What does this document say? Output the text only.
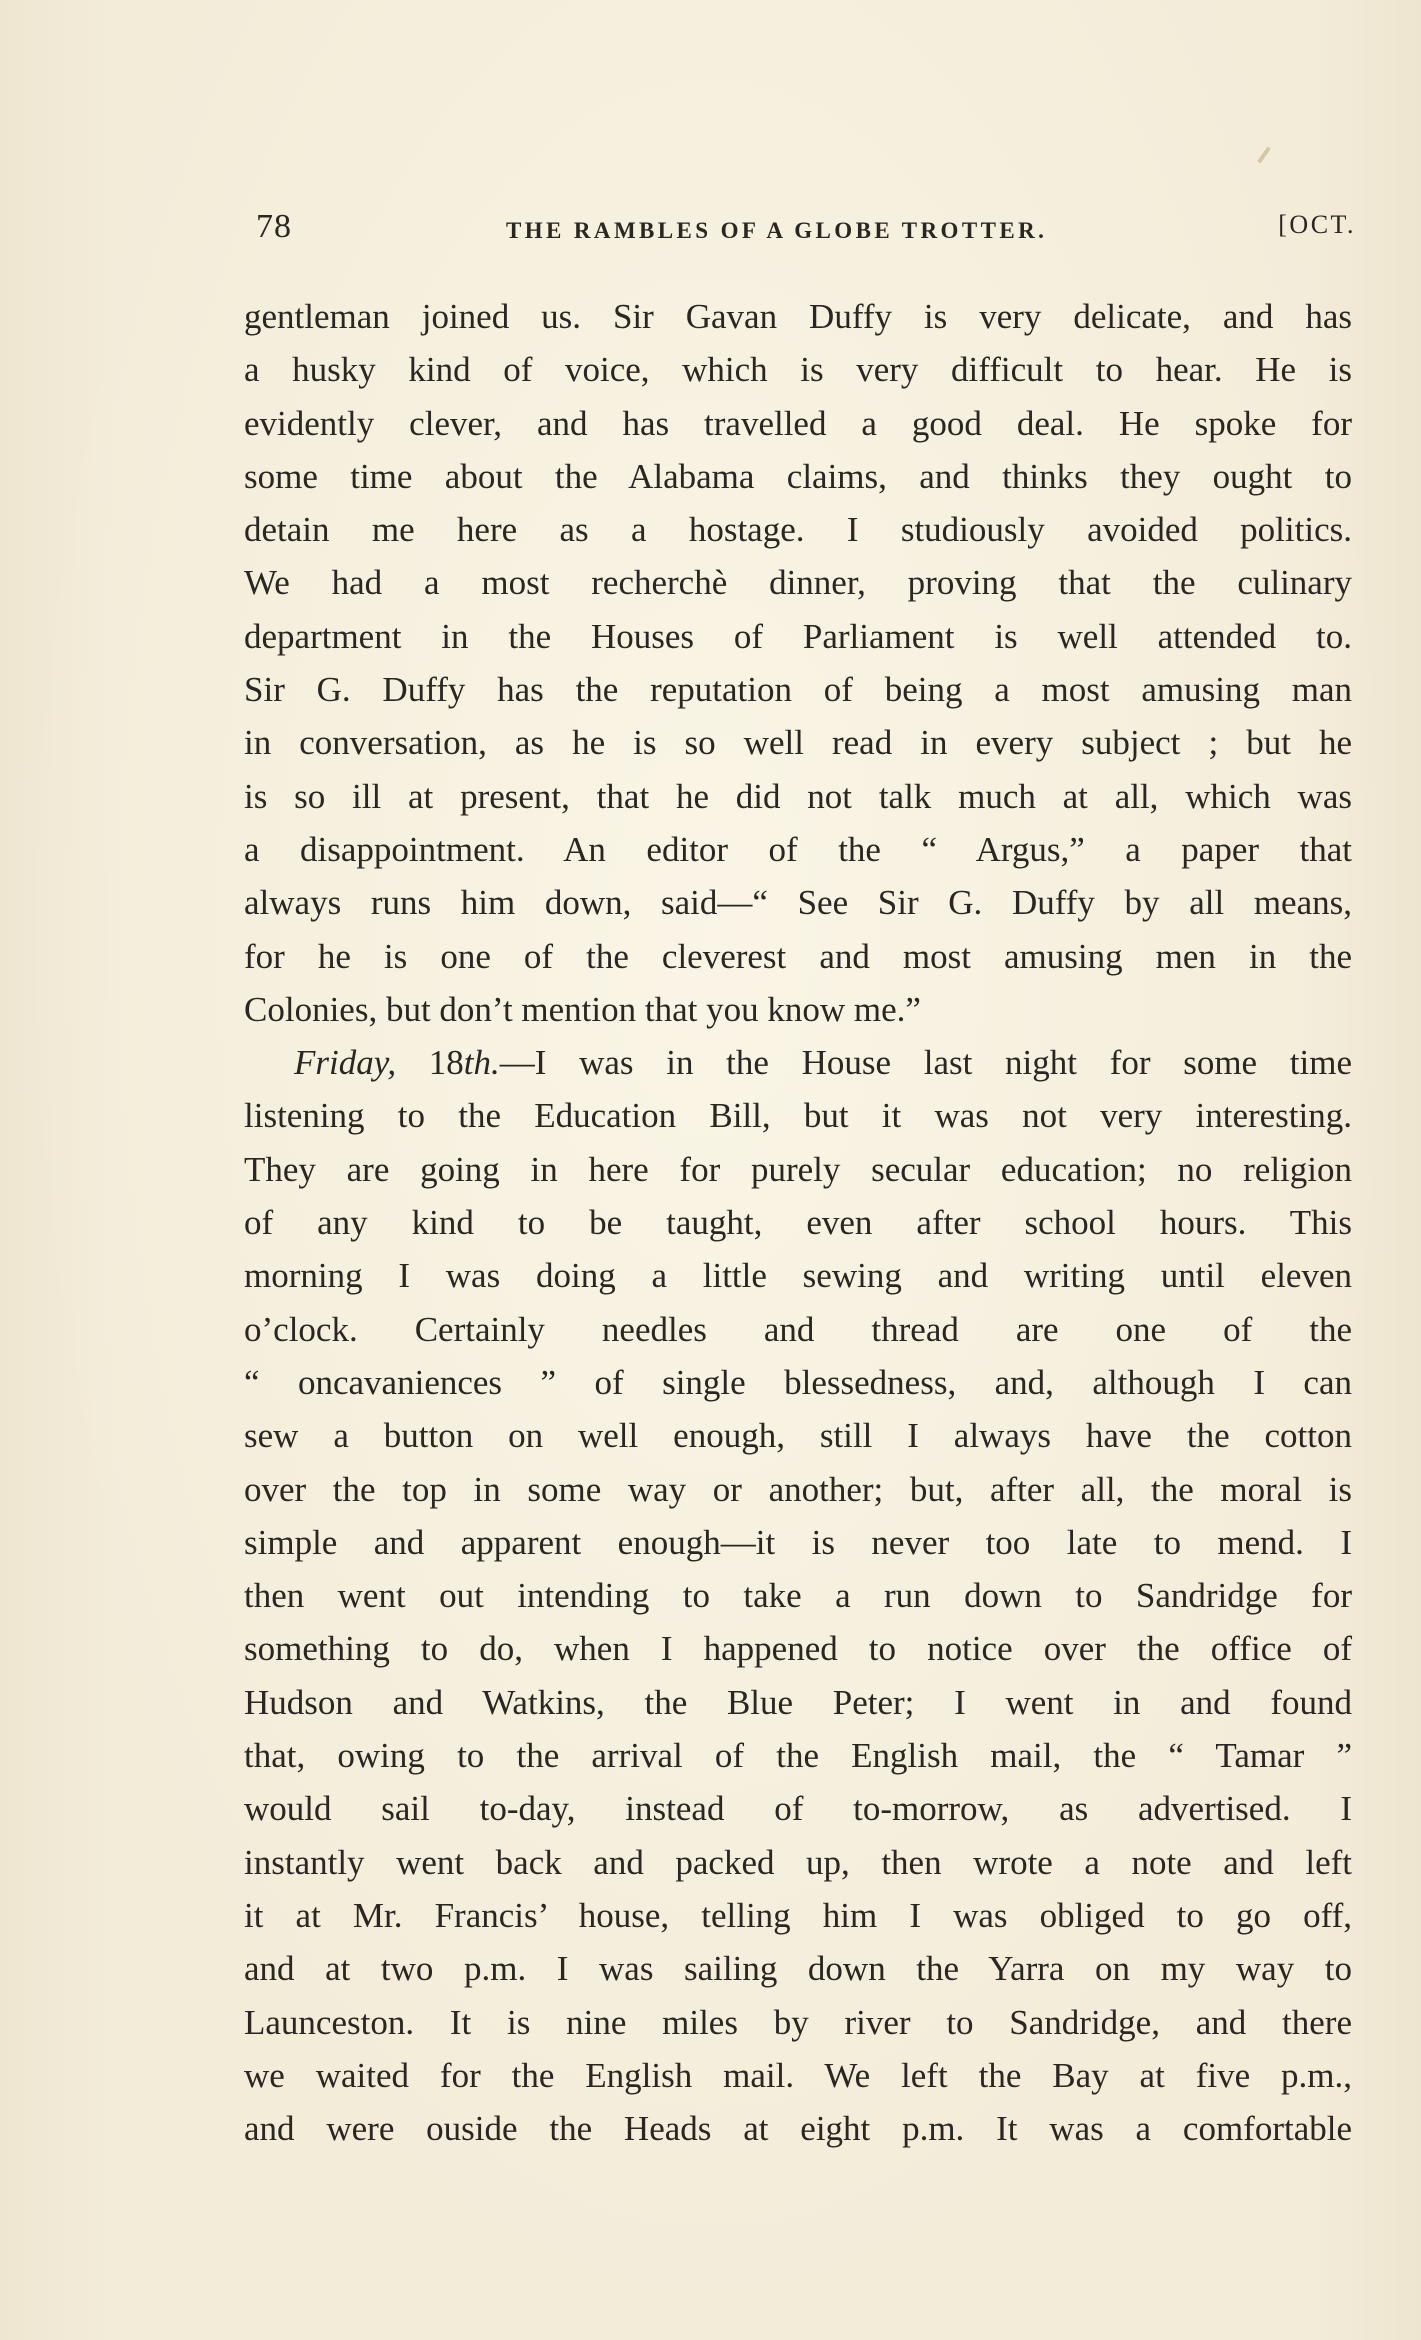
78	THE RAMBLES OF A GLOBE TROTTER.	[OCT.
gentleman joined us. Sir Gavan Duffy is very delicate, and has
a husky kind of voice, which is very difficult to hear. He is
evidently clever, and has travelled a good deal. He spoke for
some time about the Alabama claims, and thinks they ought to
detain me here as a hostage. I studiously avoided politics.
We had a most recherchè dinner, proving that the culinary
department in the Houses of Parliament is well attended to.
Sir G. Duffy has the reputation of being a most amusing man
in conversation, as he is so well read in every subject ; but he
is so ill at present, that he did not talk much at all, which was
a disappointment. An editor of the “ Argus,” a paper that
always runs him down, said—“ See Sir G. Duffy by all means,
for he is one of the cleverest and most amusing men in the
Colonies, but don’t mention that you know me.”
Friday, 18th.—I was in the House last night for some time
listening to the Education Bill, but it was not very interesting.
They are going in here for purely secular education; no religion
of any kind to be taught, even after school hours. This
morning I was doing a little sewing and writing until eleven
o’clock. Certainly needles and thread are one of the
“ oncavaniences ” of single blessedness, and, although I can
sew a button on well enough, still I always have the cotton
over the top in some way or another; but, after all, the moral is
simple and apparent enough—it is never too late to mend. I
then went out intending to take a run down to Sandridge for
something to do, when I happened to notice over the office of
Hudson and Watkins, the Blue Peter; I went in and found
that, owing to the arrival of the English mail, the “ Tamar ”
would sail to-day, instead of to-morrow, as advertised. I
instantly went back and packed up, then wrote a note and left
it at Mr. Francis’ house, telling him I was obliged to go off,
and at two p.m. I was sailing down the Yarra on my way to
Launceston. It is nine miles by river to Sandridge, and there
we waited for the English mail. We left the Bay at five p.m.,
and were ouside the Heads at eight p.m. It was a comfortable
